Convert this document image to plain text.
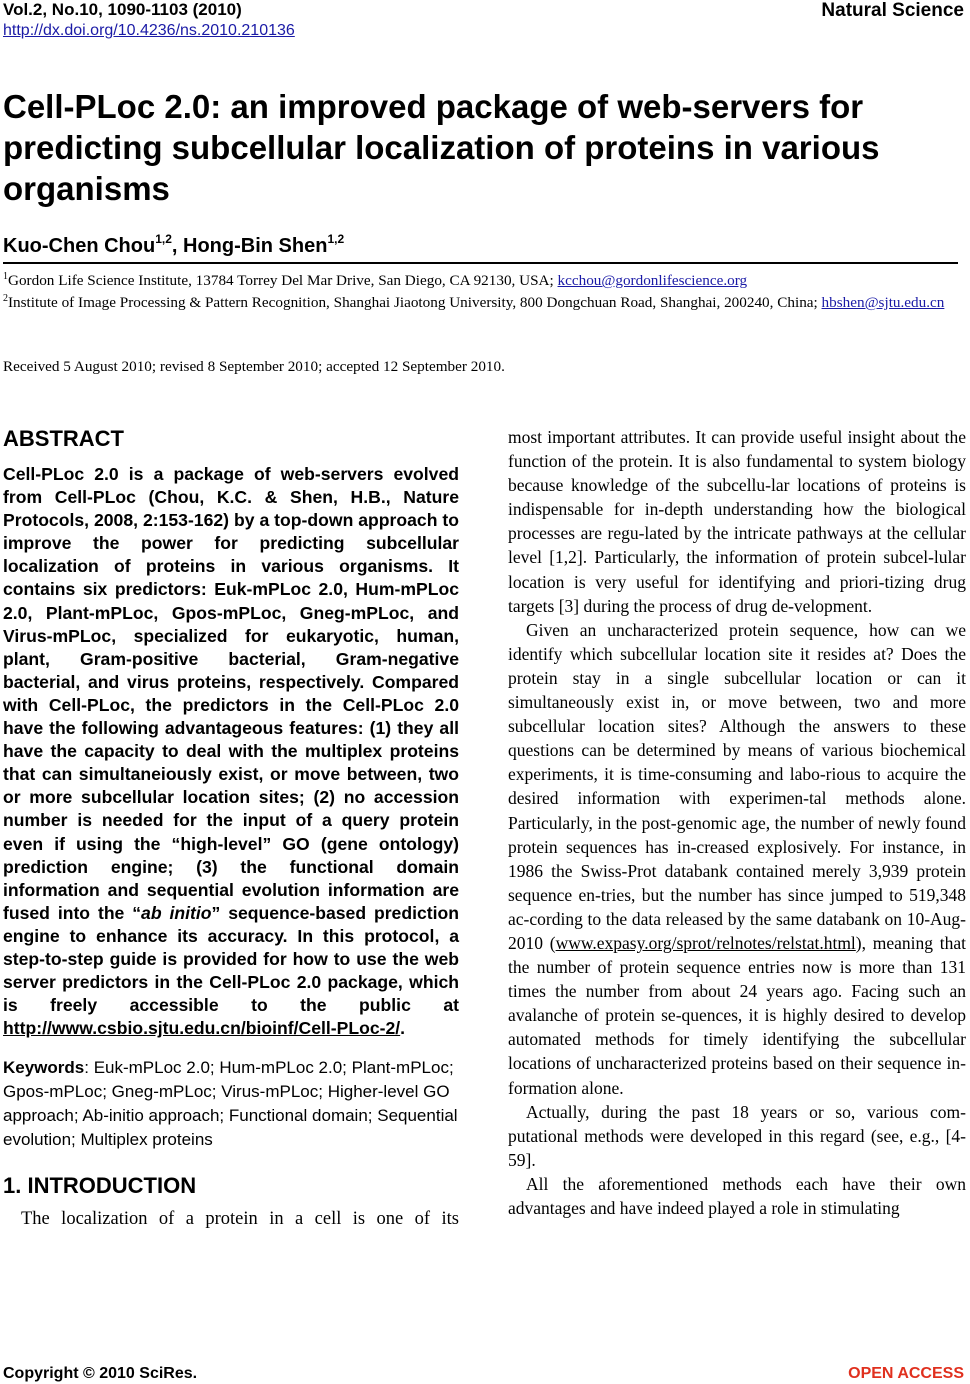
Vol.2, No.10, 1090-1103 (2010)
http://dx.doi.org/10.4236/ns.2010.210136
Natural Science
Cell-PLoc 2.0: an improved package of web-servers for predicting subcellular localization of proteins in various organisms
Kuo-Chen Chou$^{1,2}$, Hong-Bin Shen$^{1,2}$

$^1$Gordon Life Science Institute, 13784 Torrey Del Mar Drive, San Diego, CA 92130, USA; kcchou@gordonlifescience.org

$^2$Institute of Image Processing & Pattern Recognition, Shanghai Jiaotong University, 800 Dongchuan Road, Shanghai, 200240, China; hbshen@sjtu.edu.cn

Received 5 August 2010; revised 8 September 2010; accepted 12 September 2010.
ABSTRACT

Cell-PLoc 2.0 is a package of web-servers evolved from Cell-PLoc (Chou, K.C. & Shen, H.B., Nature Protocols, 2008, 2:153-162) by a top-down approach to improve the power for predicting subcellular localization of proteins in various organisms. It contains six predictors: Euk-mPLoc 2.0, Hum-mPLoc 2.0, Plant-mPLoc, Gpos-mPLoc, Gneg-mPLoc, and Virus-mPLoc, specialized for eukaryotic, human, plant, Gram-positive bacterial, Gram-negative bacterial, and virus proteins, respectively. Compared with Cell-PLoc, the predictors in the Cell-PLoc 2.0 have the following advantageous features: (1) they all have the capacity to deal with the multiplex proteins that can simultaneiously exist, or move between, two or more subcellular location sites; (2) no accession number is needed for the input of a query protein even if using the “high-level” GO (gene ontology) prediction engine; (3) the functional domain information and sequential evolution information are fused into the “ab initio” sequence-based prediction engine to enhance its accuracy. In this protocol, a step-to-step guide is provided for how to use the web server predictors in the Cell-PLoc 2.0 package, which is freely accessible to the public at http://www.csbio.sjtu.edu.cn/bioinf/Cell-PLoc-2/.

Keywords: Euk-mPLoc 2.0; Hum-mPLoc 2.0; Plant-mPLoc; Gpos-mPLoc; Gneg-mPLoc; Virus-mPLoc; Higher-level GO approach; Ab-initio approach; Functional domain; Sequential evolution; Multiplex proteins

1. INTRODUCTION

The localization of a protein in a cell is one of its

most important attributes. It can provide useful insight about the function of the protein. It is also fundamental to system biology because knowledge of the subcellu-lar locations of proteins is indispensable for in-depth understanding how the biological processes are regu-lated by the intricate pathways at the cellular level [1,2]. Particularly, the information of protein subcel-lular location is very useful for identifying and priori-tizing drug targets [3] during the process of drug de-velopment.

Given an uncharacterized protein sequence, how can we identify which subcellular location site it resides at? Does the protein stay in a single subcellular location or can it simultaneously exist in, or move between, two and more subcellular location sites? Although the answers to these questions can be determined by means of various biochemical experiments, it is time-consuming and labo-rious to acquire the desired information with experimen-tal methods alone. Particularly, in the post-genomic age, the number of newly found protein sequences has in-creased explosively. For instance, in 1986 the Swiss-Prot databank contained merely 3,939 protein sequence en-tries, but the number has since jumped to 519,348 ac-cording to the data released by the same databank on 10-Aug-2010 (www.expasy.org/sprot/relnotes/relstat.html), meaning that the number of protein sequence entries now is more than 131 times the number from about 24 years ago. Facing such an avalanche of protein se-quences, it is highly desired to develop automated methods for timely identifying the subcellular locations of uncharacterized proteins based on their sequence in-formation alone.

Actually, during the past 18 years or so, various com-putational methods were developed in this regard (see, e.g., [4-59].

All the aforementioned methods each have their own advantages and have indeed played a role in stimulating

Copyright © 2010 SciRes.	OPEN ACCESS
